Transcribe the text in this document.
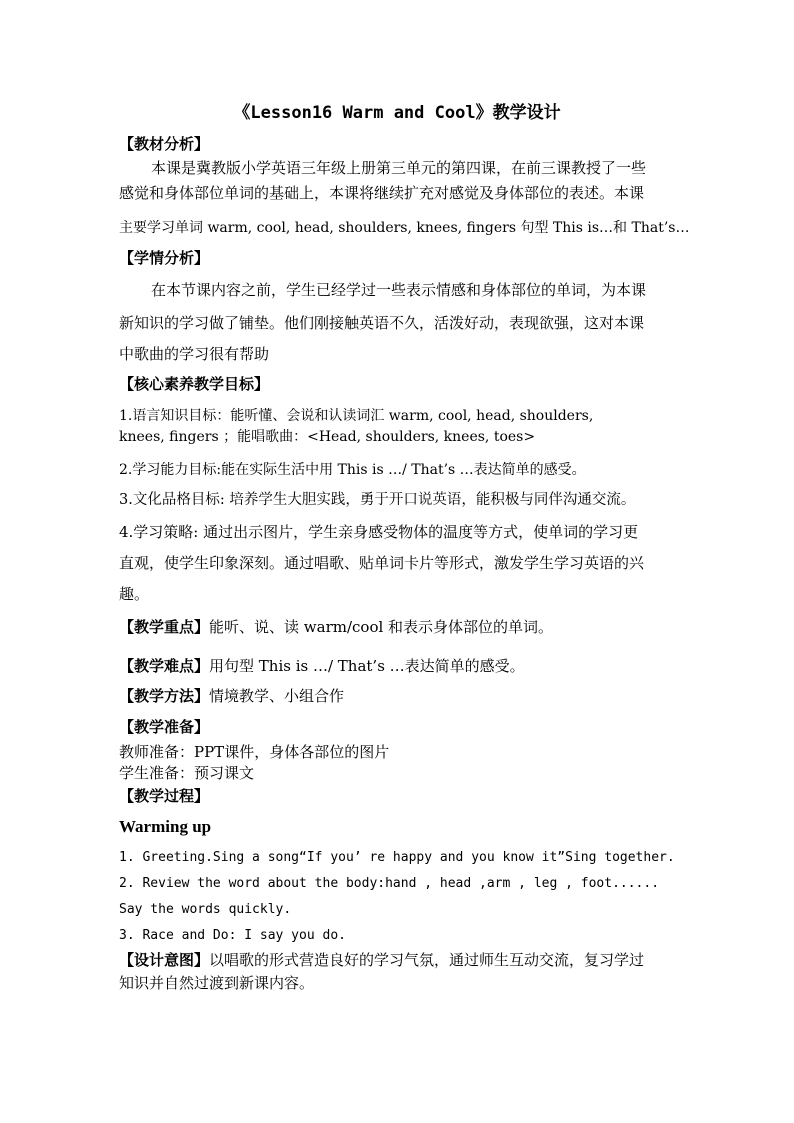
《Lesson16 Warm and Cool》教学设计
【教材分析】
本课是冀教版小学英语三年级上册第三单元的第四课，在前三课教授了一些
感觉和身体部位单词的基础上，本课将继续扩充对感觉及身体部位的表述。本课
主要学习单词 warm, cool, head, shoulders, knees, fingers 句型 This is…和 That’s…
【学情分析】
在本节课内容之前，学生已经学过一些表示情感和身体部位的单词，为本课
新知识的学习做了铺垫。他们刚接触英语不久，活泼好动，表现欲强，这对本课
中歌曲的学习很有帮助
【核心素养教学目标】
1.语言知识目标：能听懂、会说和认读词汇 warm, cool, head, shoulders,
knees, fingers ；能唱歌曲：<Head, shoulders, knees, toes>
2.学习能力目标:能在实际生活中用 This is …/ That’s …表达简单的感受。
3.文化品格目标: 培养学生大胆实践，勇于开口说英语，能积极与同伴沟通交流。
4.学习策略: 通过出示图片，学生亲身感受物体的温度等方式，使单词的学习更
直观，使学生印象深刻。通过唱歌、贴单词卡片等形式，激发学生学习英语的兴
趣。
【教学重点】能听、说、读 warm/cool 和表示身体部位的单词。
【教学难点】用句型 This is …/ That’s …表达简单的感受。
【教学方法】情境教学、小组合作
【教学准备】
教师准备：PPT课件，身体各部位的图片
学生准备：预习课文
【教学过程】
Warming up
1. Greeting.Sing a song“If you’ re happy and you know it”Sing together.
2. Review the word about the body:hand , head ,arm , leg , foot......
Say the words quickly.
3. Race and Do: I say you do.
【设计意图】以唱歌的形式营造良好的学习气氛，通过师生互动交流，复习学过
知识并自然过渡到新课内容。
